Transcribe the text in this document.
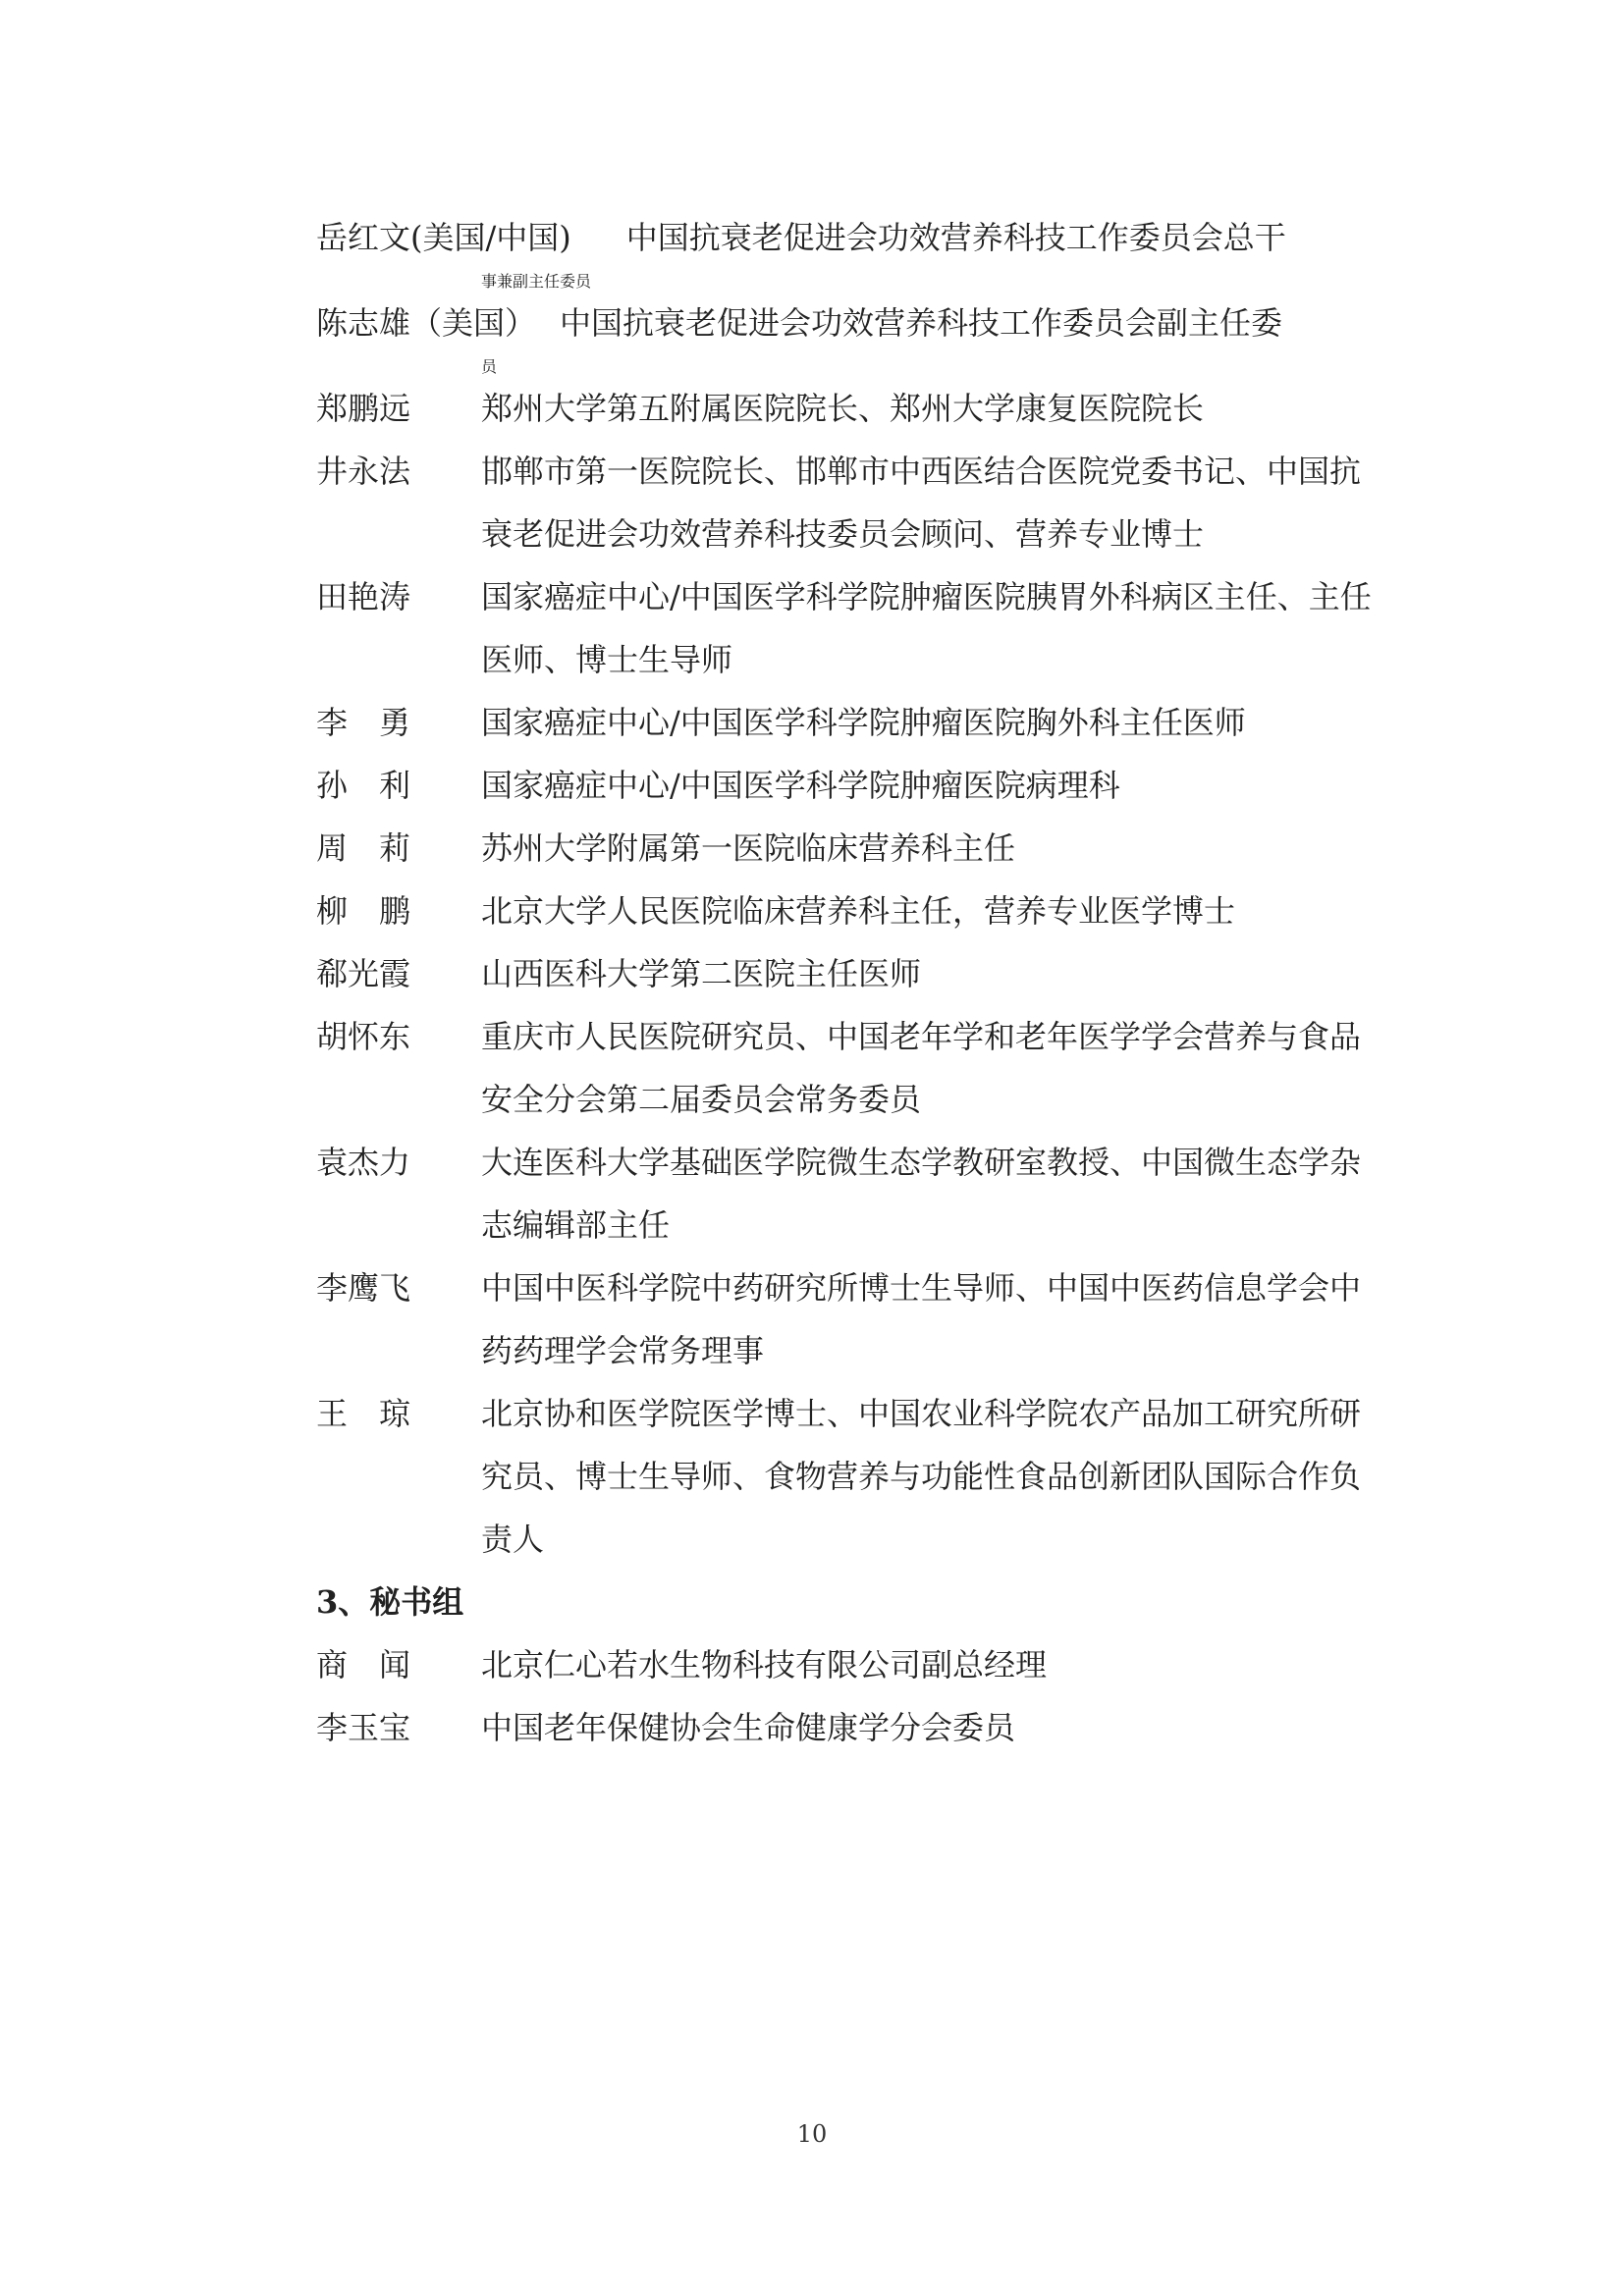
岳红文(美国/中国) 中国抗衰老促进会功效营养科技工作委员会总干
事兼副主任委员
陈志雄（美国） 中国抗衰老促进会功效营养科技工作委员会副主任委
员
郑鹏远 郑州大学第五附属医院院长、郑州大学康复医院院长
井永法 邯郸市第一医院院长、邯郸市中西医结合医院党委书记、中国抗衰老促进会功效营养科技委员会顾问、营养专业博士
田艳涛 国家癌症中心/中国医学科学院肿瘤医院胰胃外科病区主任、主任医师、博士生导师
李　勇 国家癌症中心/中国医学科学院肿瘤医院胸外科主任医师
孙　利 国家癌症中心/中国医学科学院肿瘤医院病理科
周　莉 苏州大学附属第一医院临床营养科主任
柳　鹏 北京大学人民医院临床营养科主任，营养专业医学博士
郗光霞 山西医科大学第二医院主任医师
胡怀东 重庆市人民医院研究员、中国老年学和老年医学学会营养与食品安全分会第二届委员会常务委员
袁杰力 大连医科大学基础医学院微生态学教研室教授、中国微生态学杂志编辑部主任
李鹰飞 中国中医科学院中药研究所博士生导师、中国中医药信息学会中药药理学会常务理事
王　琼 北京协和医学院医学博士、中国农业科学院农产品加工研究所研究员、博士生导师、食物营养与功能性食品创新团队国际合作负责人
3、秘书组
商　闻 北京仁心若水生物科技有限公司副总经理
李玉宝 中国老年保健协会生命健康学分会委员
10
